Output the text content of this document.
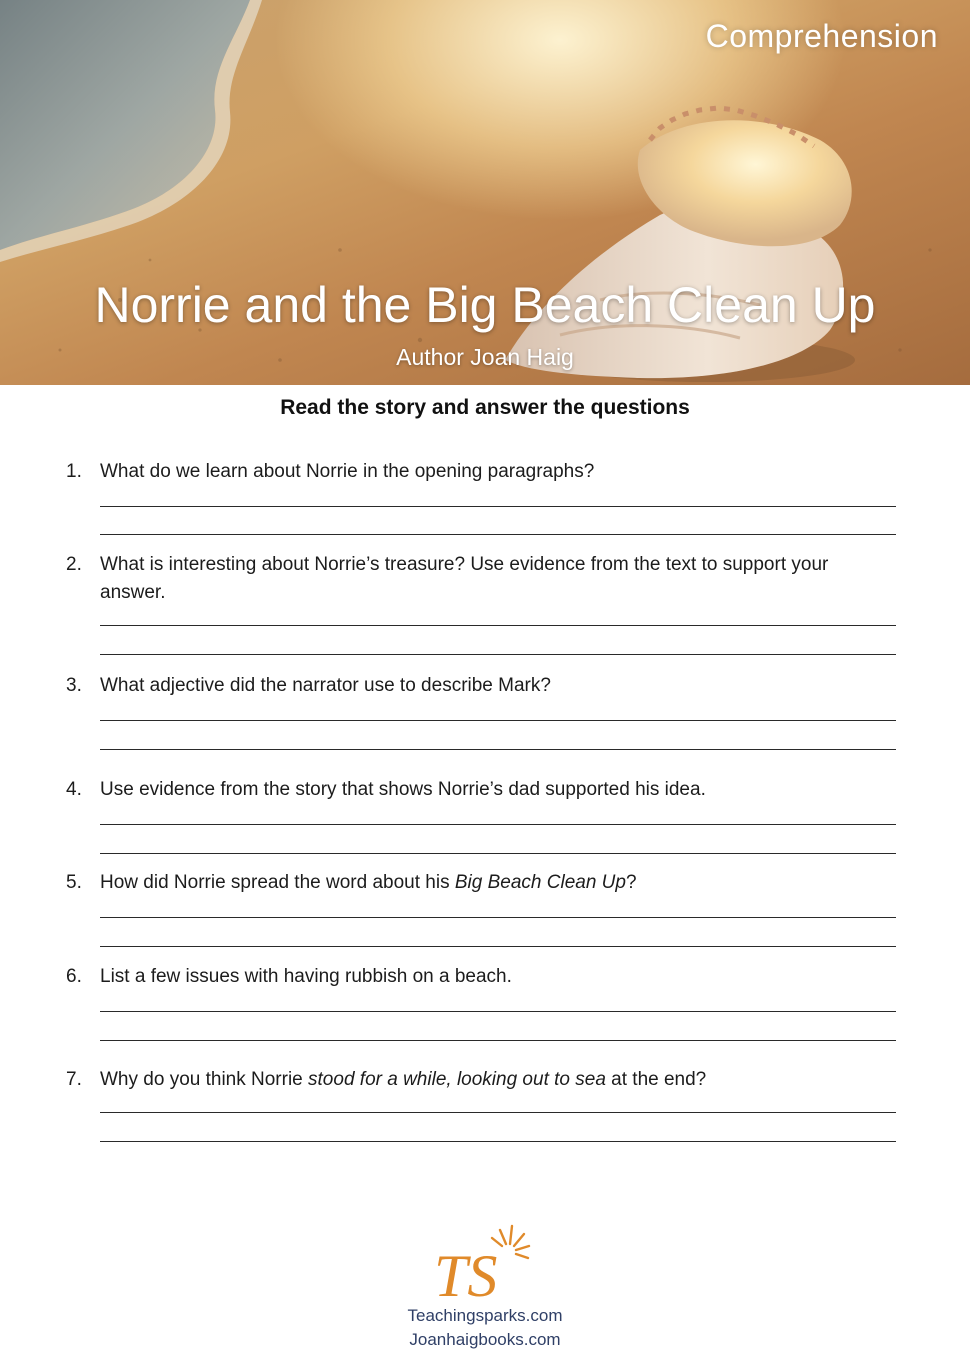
Comprehension
Norrie and the Big Beach Clean Up
Author Joan Haig
Read the story and answer the questions
1. What do we learn about Norrie in the opening paragraphs?
2. What is interesting about Norrie’s treasure? Use evidence from the text to support your answer.
3. What adjective did the narrator use to describe Mark?
4. Use evidence from the story that shows Norrie’s dad supported his idea.
5. How did Norrie spread the word about his Big Beach Clean Up?
6. List a few issues with having rubbish on a beach.
7. Why do you think Norrie stood for a while, looking out to sea at the end?
TS
Teachingsparks.com
Joanhaigbooks.com
